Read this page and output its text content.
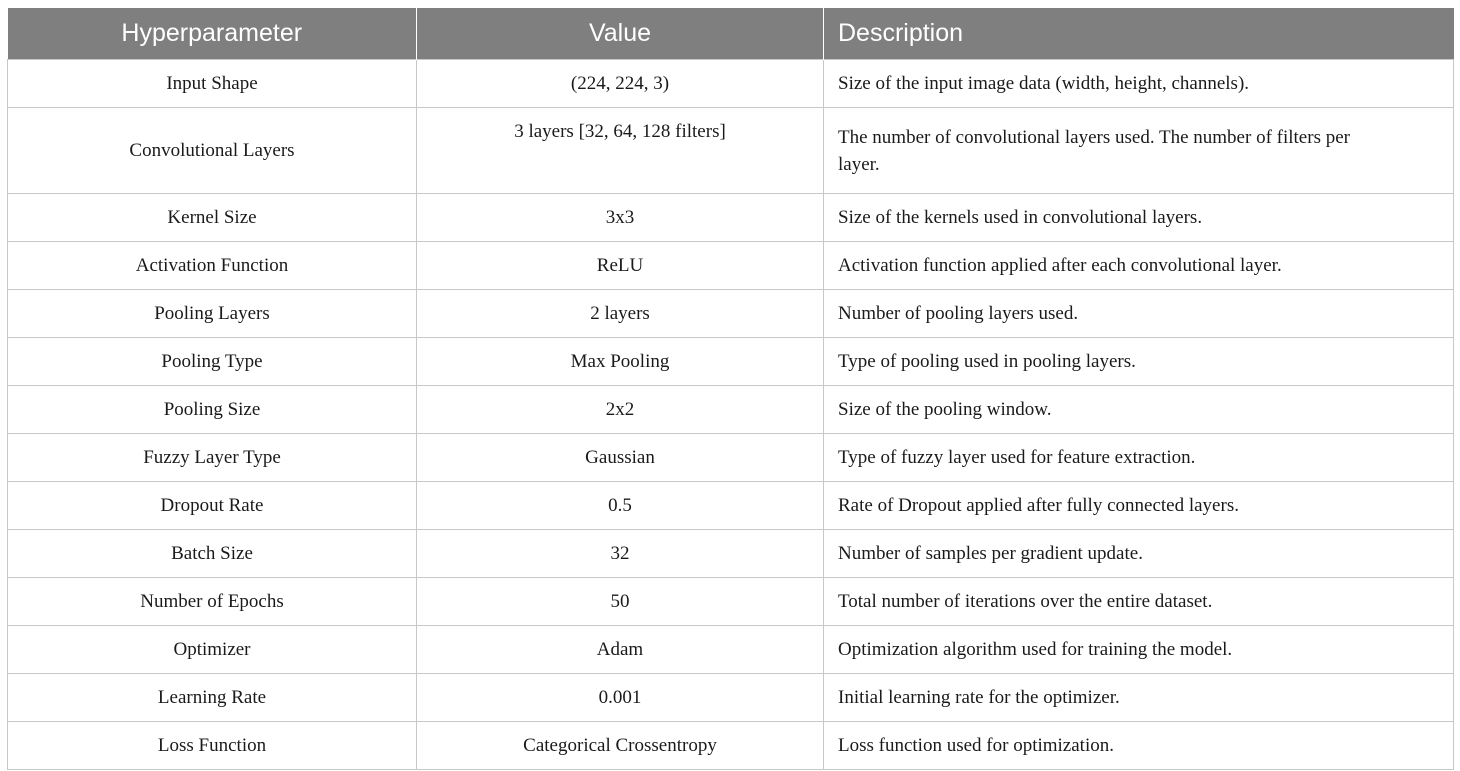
Hyperparameter	Value	Description
Input Shape	(224, 224, 3)	Size of the input image data (width, height, channels).
Convolutional Layers	3 layers [32, 64, 128 filters]	The number of convolutional layers used. The number of filters per layer.
Kernel Size	3x3	Size of the kernels used in convolutional layers.
Activation Function	ReLU	Activation function applied after each convolutional layer.
Pooling Layers	2 layers	Number of pooling layers used.
Pooling Type	Max Pooling	Type of pooling used in pooling layers.
Pooling Size	2x2	Size of the pooling window.
Fuzzy Layer Type	Gaussian	Type of fuzzy layer used for feature extraction.
Dropout Rate	0.5	Rate of Dropout applied after fully connected layers.
Batch Size	32	Number of samples per gradient update.
Number of Epochs	50	Total number of iterations over the entire dataset.
Optimizer	Adam	Optimization algorithm used for training the model.
Learning Rate	0.001	Initial learning rate for the optimizer.
Loss Function	Categorical Crossentropy	Loss function used for optimization.
